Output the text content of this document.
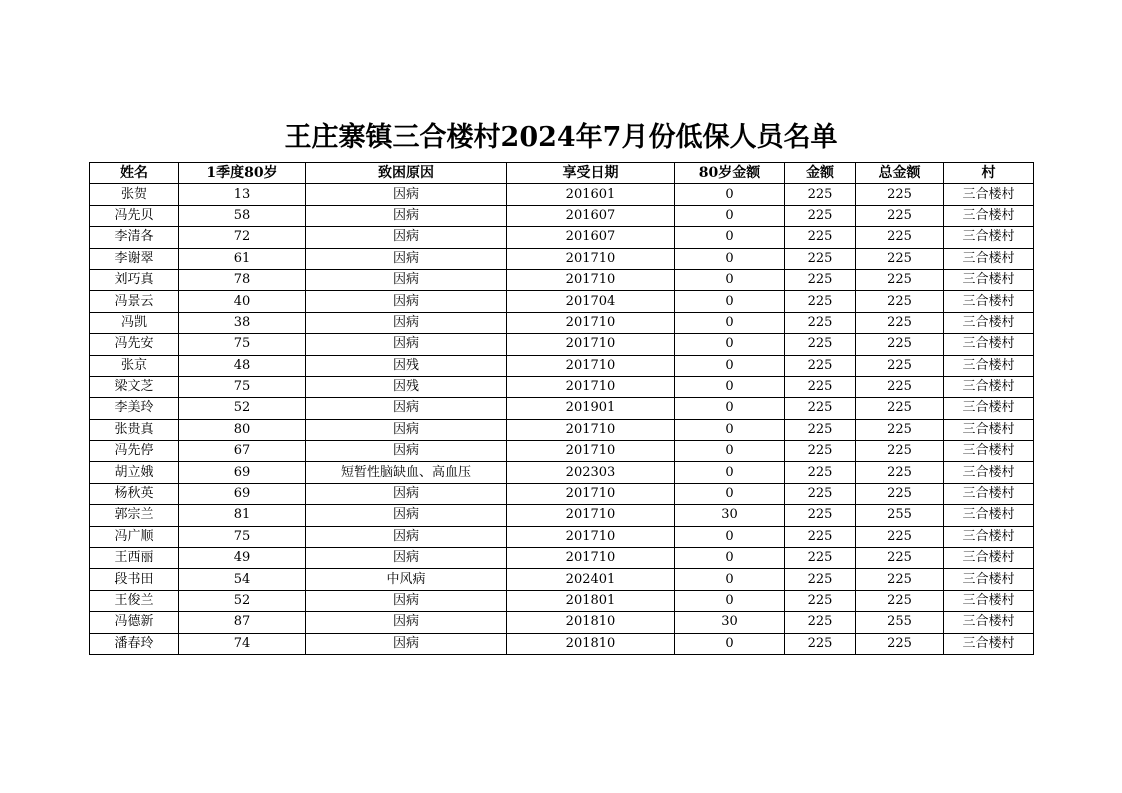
王庄寨镇三合楼村2024年7月份低保人员名单
姓名	1季度80岁	致困原因	享受日期	80岁金额	金额	总金额	村
张贺	13	因病	201601	0	225	225	三合楼村
冯先贝	58	因病	201607	0	225	225	三合楼村
李清各	72	因病	201607	0	225	225	三合楼村
李谢翠	61	因病	201710	0	225	225	三合楼村
刘巧真	78	因病	201710	0	225	225	三合楼村
冯景云	40	因病	201704	0	225	225	三合楼村
冯凯	38	因病	201710	0	225	225	三合楼村
冯先安	75	因病	201710	0	225	225	三合楼村
张京	48	因残	201710	0	225	225	三合楼村
梁文芝	75	因残	201710	0	225	225	三合楼村
李美玲	52	因病	201901	0	225	225	三合楼村
张贵真	80	因病	201710	0	225	225	三合楼村
冯先停	67	因病	201710	0	225	225	三合楼村
胡立娥	69	短暂性脑缺血、高血压	202303	0	225	225	三合楼村
杨秋英	69	因病	201710	0	225	225	三合楼村
郭宗兰	81	因病	201710	30	225	255	三合楼村
冯广顺	75	因病	201710	0	225	225	三合楼村
王西丽	49	因病	201710	0	225	225	三合楼村
段书田	54	中风病	202401	0	225	225	三合楼村
王俊兰	52	因病	201801	0	225	225	三合楼村
冯德新	87	因病	201810	30	225	255	三合楼村
潘春玲	74	因病	201810	0	225	225	三合楼村
